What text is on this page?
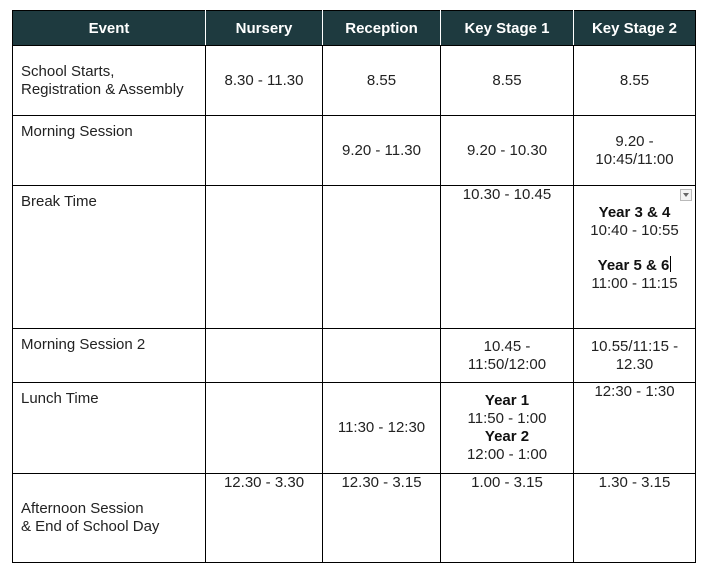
Event	Nursery	Reception	Key Stage 1	Key Stage 2

School Starts,
Registration & Assembly	8.30 - 11.30	8.55	8.55	8.55

Morning Session		9.20 - 11.30	9.20 - 10.30	9.20 -
10:45/11:00

Break Time			10.30 - 10.45	Year 3 & 4
10:40 - 10:55
Year 5 & 6
11:00 - 11:15

Morning Session 2			10.45 -
11:50/12:00	10.55/11:15 -
12.30

Lunch Time		11:30 - 12:30	Year 1
11:50 - 1:00
Year 2
12:00 - 1:00	12:30 - 1:30

Afternoon Session
& End of School Day	12.30 - 3.30	12.30 - 3.15	1.00 - 3.15	1.30 - 3.15
